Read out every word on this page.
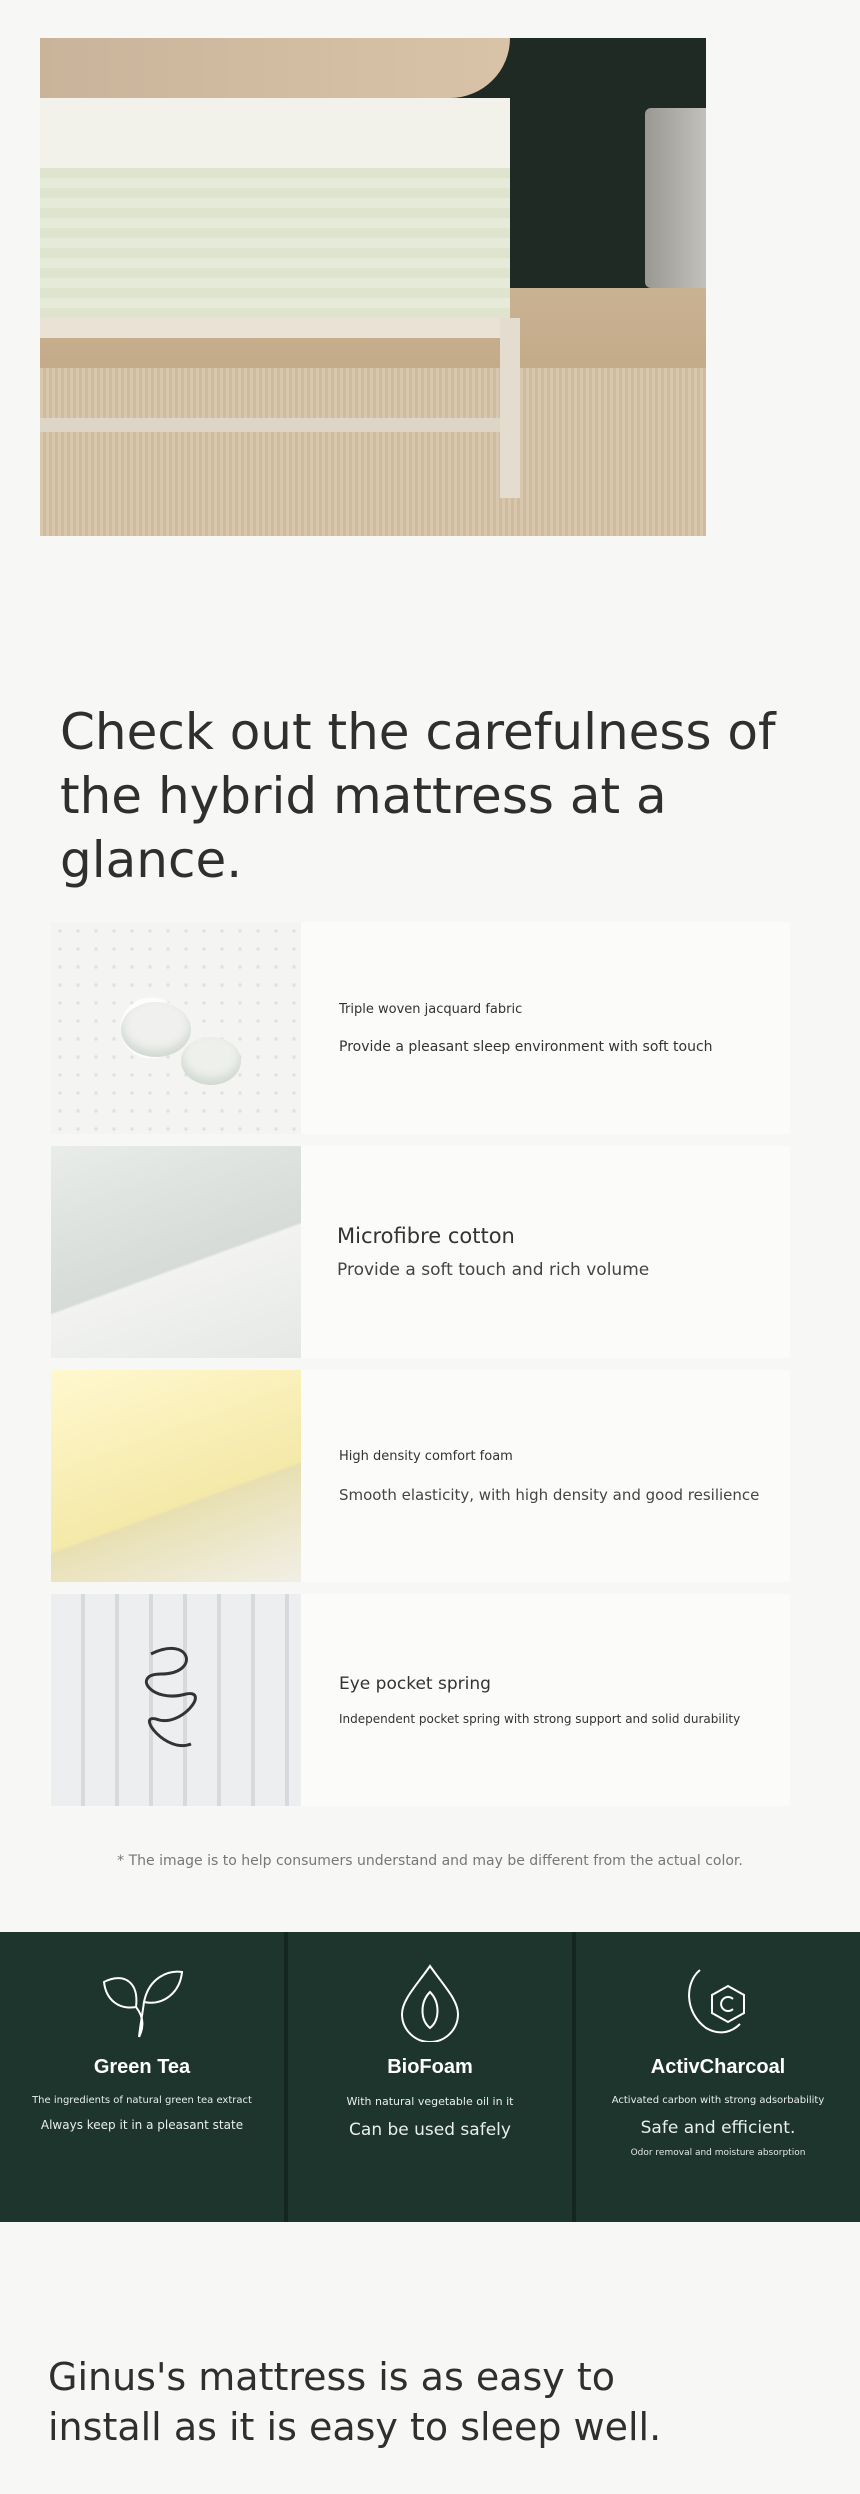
Check out the carefulness of
the hybrid mattress at a glance.
Triple woven jacquard fabric
Provide a pleasant sleep environment with soft touch
Microfibre cotton
Provide a soft touch and rich volume
High density comfort foam
Smooth elasticity, with high density and good resilience
Eye pocket spring
Independent pocket spring with strong support and solid durability
* The image is to help consumers understand and may be different from the actual color.
Green Tea
The ingredients of natural green tea extract
Always keep it in a pleasant state
BioFoam
With natural vegetable oil in it
Can be used safely
ActivCharcoal
Activated carbon with strong adsorbability
Safe and efficient.
Odor removal and moisture absorption
Ginus's mattress is as easy to
install as it is easy to sleep well.
